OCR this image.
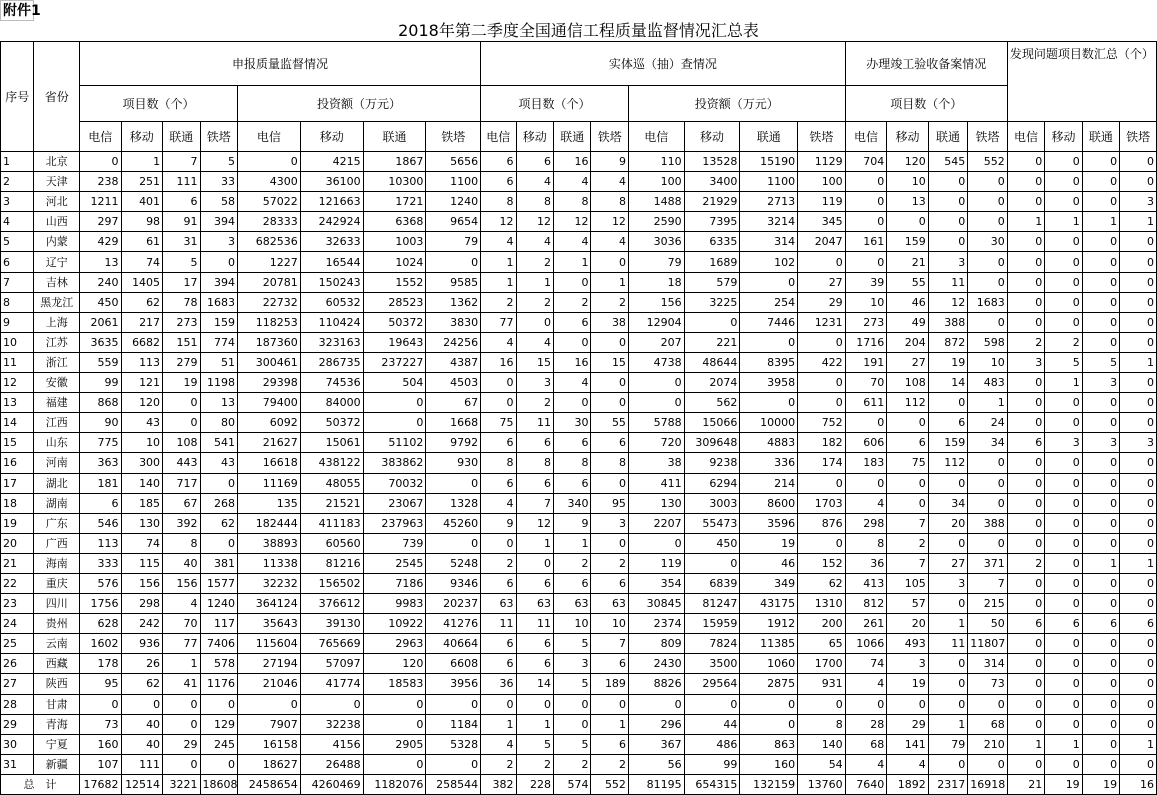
附件1																									
2018年第二季度全国通信工程质量监督情况汇总表																									
序号	省份	申报质量监督情况								实体巡（抽）查情况								办理竣工验收备案情况				发现问题项目数汇总（个）			
		项目数（个）				投资额（万元）				项目数（个）				投资额（万元）				项目数（个）							
		电信	移动	联通	铁塔	电信	移动	联通	铁塔	电信	移动	联通	铁塔	电信	移动	联通	铁塔	电信	移动	联通	铁塔	电信	移动	联通	铁塔
1	北京	0	1	7	5	0	4215	1867	5656	6	6	16	9	110	13528	15190	1129	704	120	545	552	0	0	0	0
2	天津	238	251	111	33	4300	36100	10300	1100	6	4	4	4	100	3400	1100	100	0	10	0	0	0	0	0	0
3	河北	1211	401	6	58	57022	121663	1721	1240	8	8	8	8	1488	21929	2713	119	0	13	0	0	0	0	0	3
4	山西	297	98	91	394	28333	242924	6368	9654	12	12	12	12	2590	7395	3214	345	0	0	0	0	1	1	1	1
5	内蒙	429	61	31	3	682536	32633	1003	79	4	4	4	4	3036	6335	314	2047	161	159	0	30	0	0	0	0
6	辽宁	13	74	5	0	1227	16544	1024	0	1	2	1	0	79	1689	102	0	0	21	3	0	0	0	0	0
7	吉林	240	1405	17	394	20781	150243	1552	9585	1	1	0	1	18	579	0	27	39	55	11	0	0	0	0	0
8	黑龙江	450	62	78	1683	22732	60532	28523	1362	2	2	2	2	156	3225	254	29	10	46	12	1683	0	0	0	0
9	上海	2061	217	273	159	118253	110424	50372	3830	77	0	6	38	12904	0	7446	1231	273	49	388	0	0	0	0	0
10	江苏	3635	6682	151	774	187360	323163	19643	24256	4	4	0	0	207	221	0	0	1716	204	872	598	2	2	0	0
11	浙江	559	113	279	51	300461	286735	237227	4387	16	15	16	15	4738	48644	8395	422	191	27	19	10	3	5	5	1
12	安徽	99	121	19	1198	29398	74536	504	4503	0	3	4	0	0	2074	3958	0	70	108	14	483	0	1	3	0
13	福建	868	120	0	13	79400	84000	0	67	0	2	0	0	0	562	0	0	611	112	0	1	0	0	0	0
14	江西	90	43	0	80	6092	50372	0	1668	75	11	30	55	5788	15066	10000	752	0	0	6	24	0	0	0	0
15	山东	775	10	108	541	21627	15061	51102	9792	6	6	6	6	720	309648	4883	182	606	6	159	34	6	3	3	3
16	河南	363	300	443	43	16618	438122	383862	930	8	8	8	8	38	9238	336	174	183	75	112	0	0	0	0	0
17	湖北	181	140	717	0	11169	48055	70032	0	6	6	6	0	411	6294	214	0	0	0	0	0	0	0	0	0
18	湖南	6	185	67	268	135	21521	23067	1328	4	7	340	95	130	3003	8600	1703	4	0	34	0	0	0	0	0
19	广东	546	130	392	62	182444	411183	237963	45260	9	12	9	3	2207	55473	3596	876	298	7	20	388	0	0	0	0
20	广西	113	74	8	0	38893	60560	739	0	0	1	1	0	0	450	19	0	8	2	0	0	0	0	0	0
21	海南	333	115	40	381	11338	81216	2545	5248	2	0	2	2	119	0	46	152	36	7	27	371	2	0	1	1
22	重庆	576	156	156	1577	32232	156502	7186	9346	6	6	6	6	354	6839	349	62	413	105	3	7	0	0	0	0
23	四川	1756	298	4	1240	364124	376612	9983	20237	63	63	63	63	30845	81247	43175	1310	812	57	0	215	0	0	0	0
24	贵州	628	242	70	117	35643	39130	10922	41276	11	11	10	10	2374	15959	1912	200	261	20	1	50	6	6	6	6
25	云南	1602	936	77	7406	115604	765669	2963	40664	6	6	5	7	809	7824	11385	65	1066	493	11	11807	0	0	0	0
26	西藏	178	26	1	578	27194	57097	120	6608	6	6	3	6	2430	3500	1060	1700	74	3	0	314	0	0	0	0
27	陕西	95	62	41	1176	21046	41774	18583	3956	36	14	5	189	8826	29564	2875	931	4	19	0	73	0	0	0	0
28	甘肃	0	0	0	0	0	0	0	0	0	0	0	0	0	0	0	0	0	0	0	0	0	0	0	0
29	青海	73	40	0	129	7907	32238	0	1184	1	1	0	1	296	44	0	8	28	29	1	68	0	0	0	0
30	宁夏	160	40	29	245	16158	4156	2905	5328	4	5	5	6	367	486	863	140	68	141	79	210	1	1	0	1
31	新疆	107	111	0	0	18627	26488	0	0	2	2	2	2	56	99	160	54	4	4	0	0	0	0	0	0
总　计		17682	12514	3221	18608	2458654	4260469	1182076	258544	382	228	574	552	81195	654315	132159	13760	7640	1892	2317	16918	21	19	19	16
